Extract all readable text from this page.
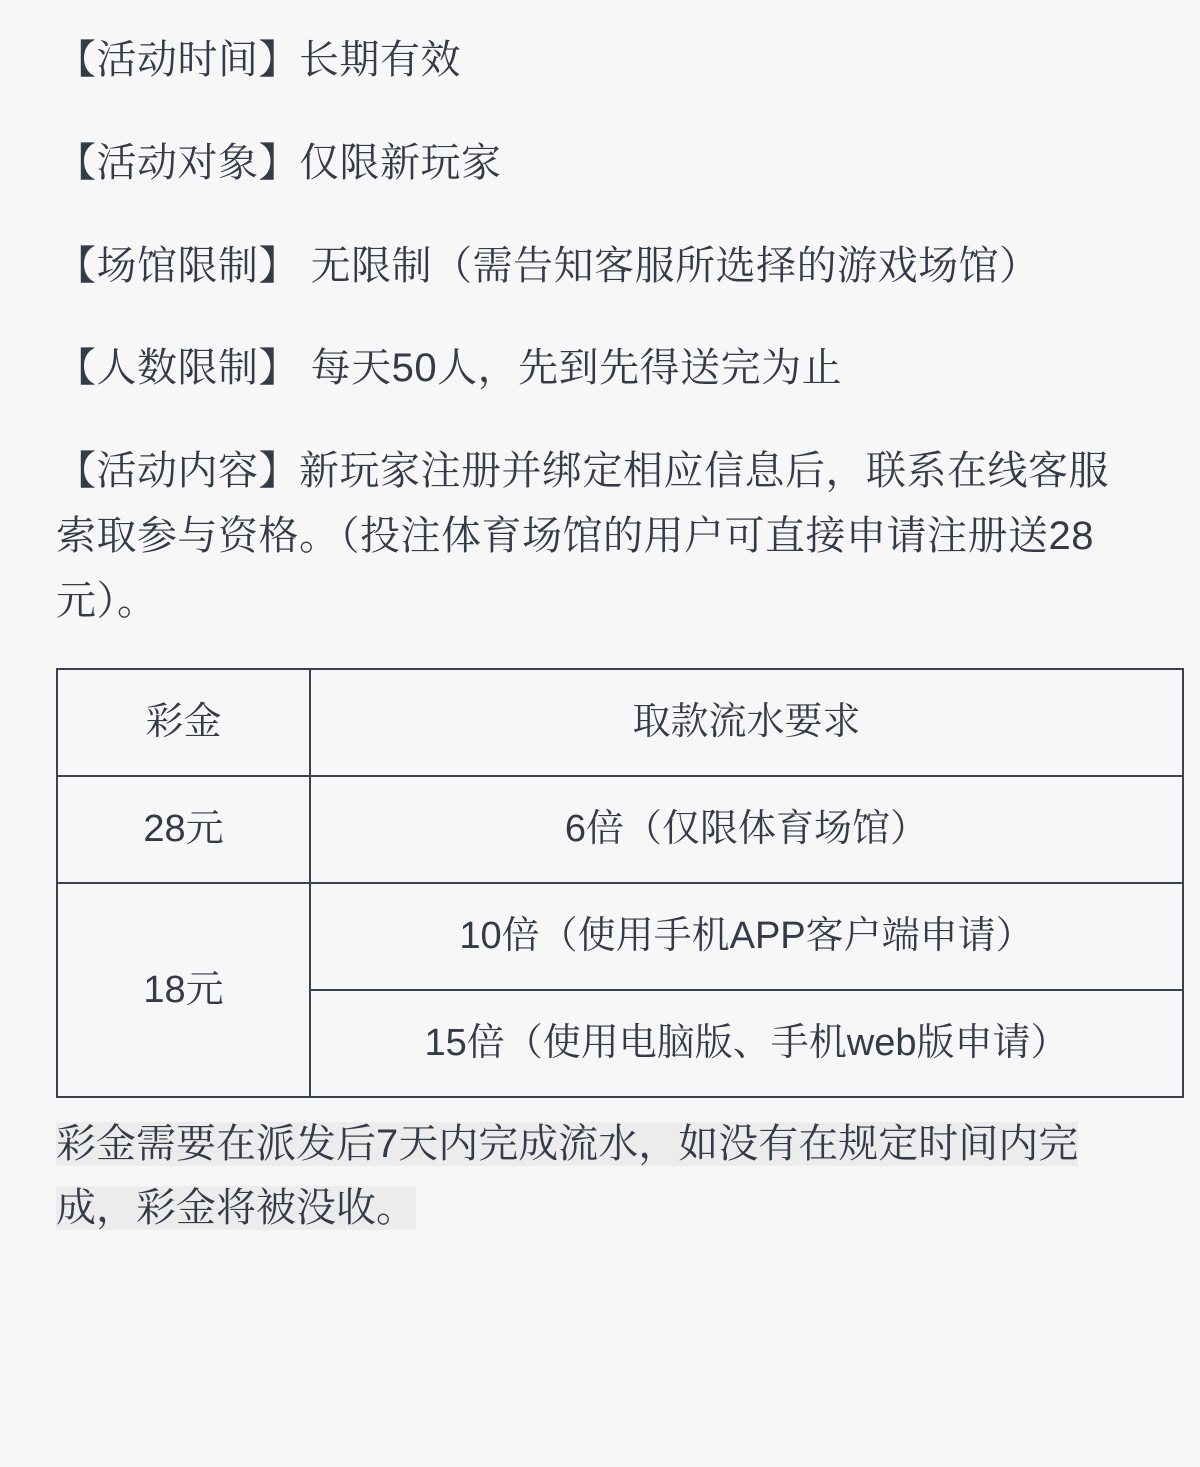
【活动时间】长期有效

【活动对象】仅限新玩家

【场馆限制】 无限制（需告知客服所选择的游戏场馆）

【人数限制】 每天50人，先到先得送完为止

【活动内容】新玩家注册并绑定相应信息后，联系在线客服索取参与资格。（投注体育场馆的用户可直接申请注册送28元）。

彩金	取款流水要求
28元	6倍（仅限体育场馆）
18元	10倍（使用手机APP客户端申请）
	15倍（使用电脑版、手机web版申请）

彩金需要在派发后7天内完成流水，如没有在规定时间内完成，彩金将被没收。
